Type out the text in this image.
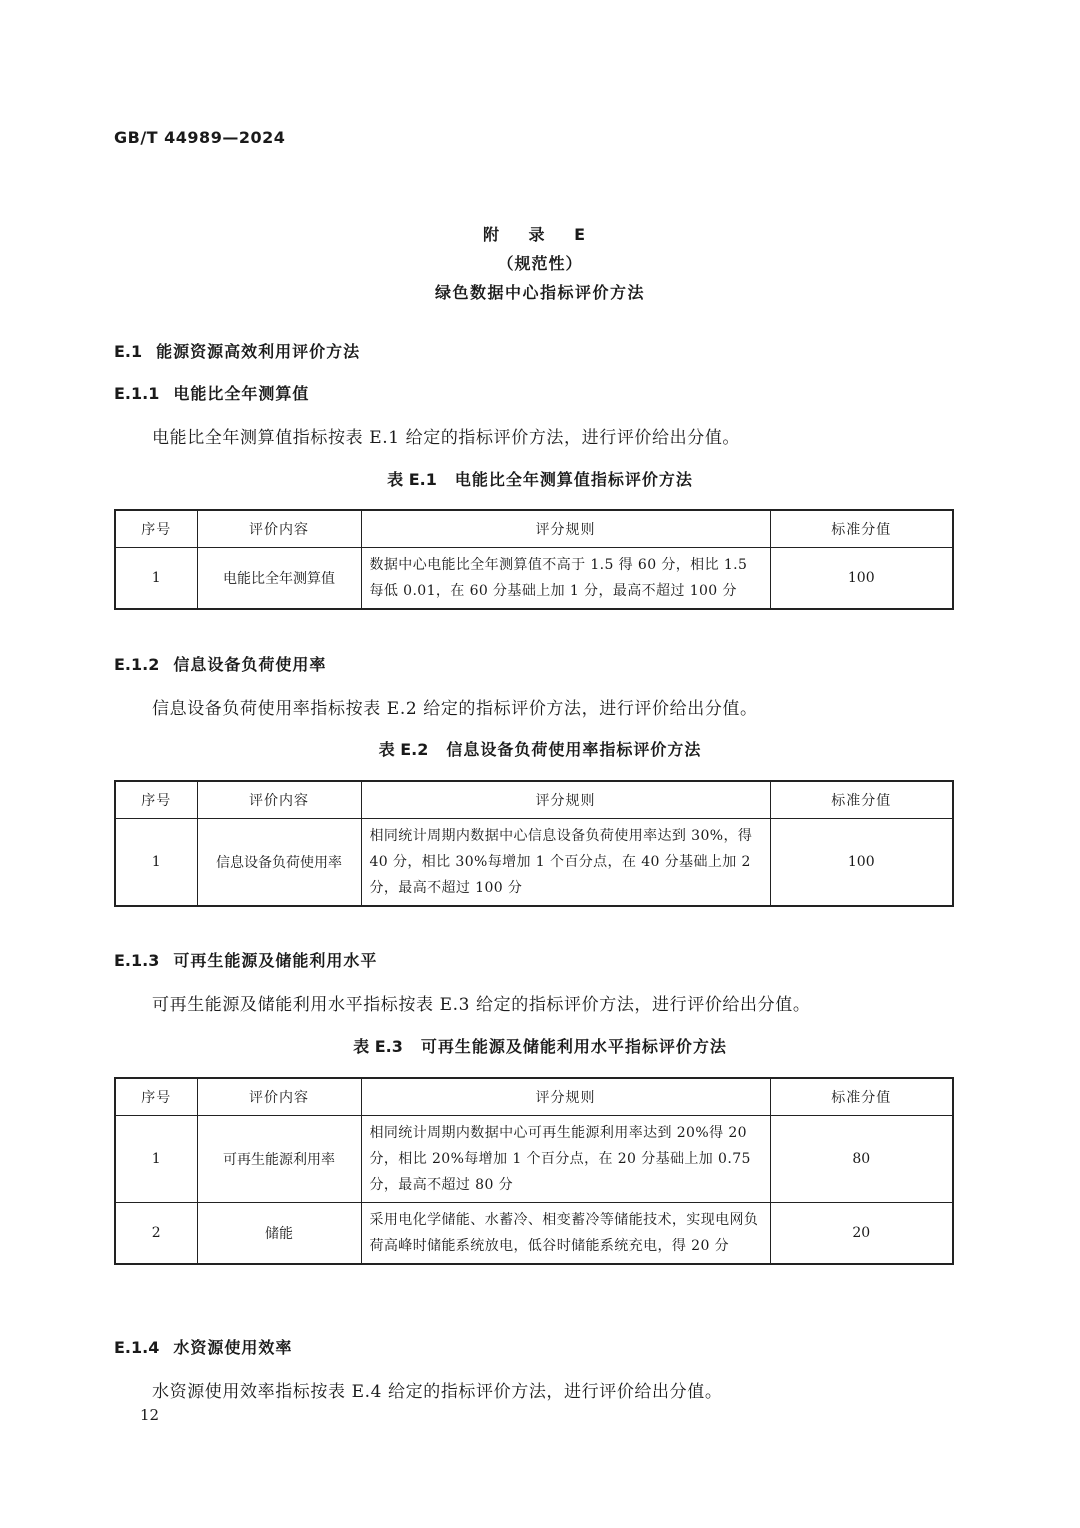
GB/T 44989—2024
附 录 E
（规范性）
绿色数据中心指标评价方法
E.1 能源资源高效利用评价方法
E.1.1 电能比全年测算值
电能比全年测算值指标按表 E.1 给定的指标评价方法，进行评价给出分值。
表 E.1 电能比全年测算值指标评价方法
序号	评价内容	评分规则	标准分值
1	电能比全年测算值	数据中心电能比全年测算值不高于 1.5 得 60 分，相比 1.5 每低 0.01，在 60 分基础上加 1 分，最高不超过 100 分	100
E.1.2 信息设备负荷使用率
信息设备负荷使用率指标按表 E.2 给定的指标评价方法，进行评价给出分值。
表 E.2 信息设备负荷使用率指标评价方法
序号	评价内容	评分规则	标准分值
1	信息设备负荷使用率	相同统计周期内数据中心信息设备负荷使用率达到 30%，得 40 分，相比 30%每增加 1 个百分点，在 40 分基础上加 2 分，最高不超过 100 分	100
E.1.3 可再生能源及储能利用水平
可再生能源及储能利用水平指标按表 E.3 给定的指标评价方法，进行评价给出分值。
表 E.3 可再生能源及储能利用水平指标评价方法
序号	评价内容	评分规则	标准分值
1	可再生能源利用率	相同统计周期内数据中心可再生能源利用率达到 20%得 20 分，相比 20%每增加 1 个百分点，在 20 分基础上加 0.75 分，最高不超过 80 分	80
2	储能	采用电化学储能、水蓄冷、相变蓄冷等储能技术，实现电网负荷高峰时储能系统放电，低谷时储能系统充电，得 20 分	20
E.1.4 水资源使用效率
水资源使用效率指标按表 E.4 给定的指标评价方法，进行评价给出分值。
12
